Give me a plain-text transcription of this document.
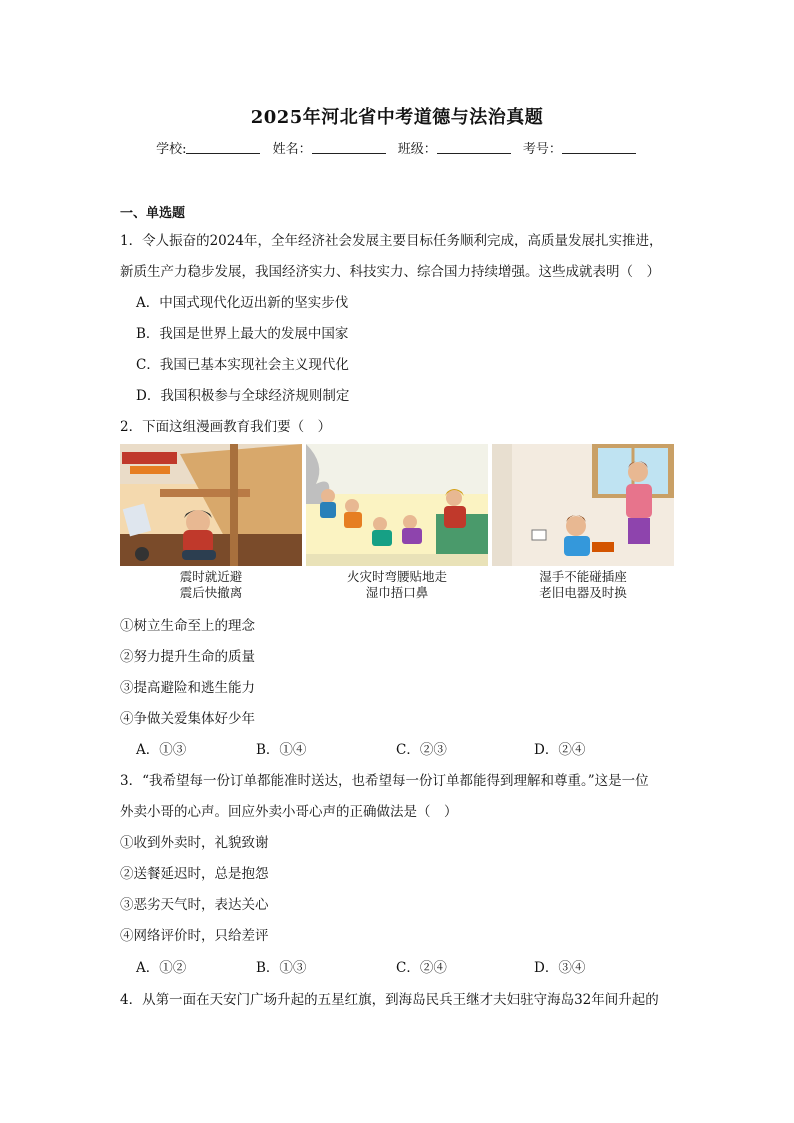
2025年河北省中考道德与法治真题
学校:	姓名：	班级：	考号：
一、单选题
1．令人振奋的2024年，全年经济社会发展主要目标任务顺利完成，高质量发展扎实推进，
新质生产力稳步发展，我国经济实力、科技实力、综合国力持续增强。这些成就表明（　）
A．中国式现代化迈出新的坚实步伐
B．我国是世界上最大的发展中国家
C．我国已基本实现社会主义现代化
D．我国积极参与全球经济规则制定
2．下面这组漫画教育我们要（　）
震时就近避
震后快撤离
火灾时弯腰贴地走
湿巾捂口鼻
湿手不能碰插座
老旧电器及时换
①树立生命至上的理念
②努力提升生命的质量
③提高避险和逃生能力
④争做关爱集体好少年
A．①③	B．①④	C．②③	D．②④
3．“我希望每一份订单都能准时送达，也希望每一份订单都能得到理解和尊重。”这是一位
外卖小哥的心声。回应外卖小哥心声的正确做法是（　）
①收到外卖时，礼貌致谢
②送餐延迟时，总是抱怨
③恶劣天气时，表达关心
④网络评价时，只给差评
A．①②	B．①③	C．②④	D．③④
4．从第一面在天安门广场升起的五星红旗，到海岛民兵王继才夫妇驻守海岛32年间升起的
